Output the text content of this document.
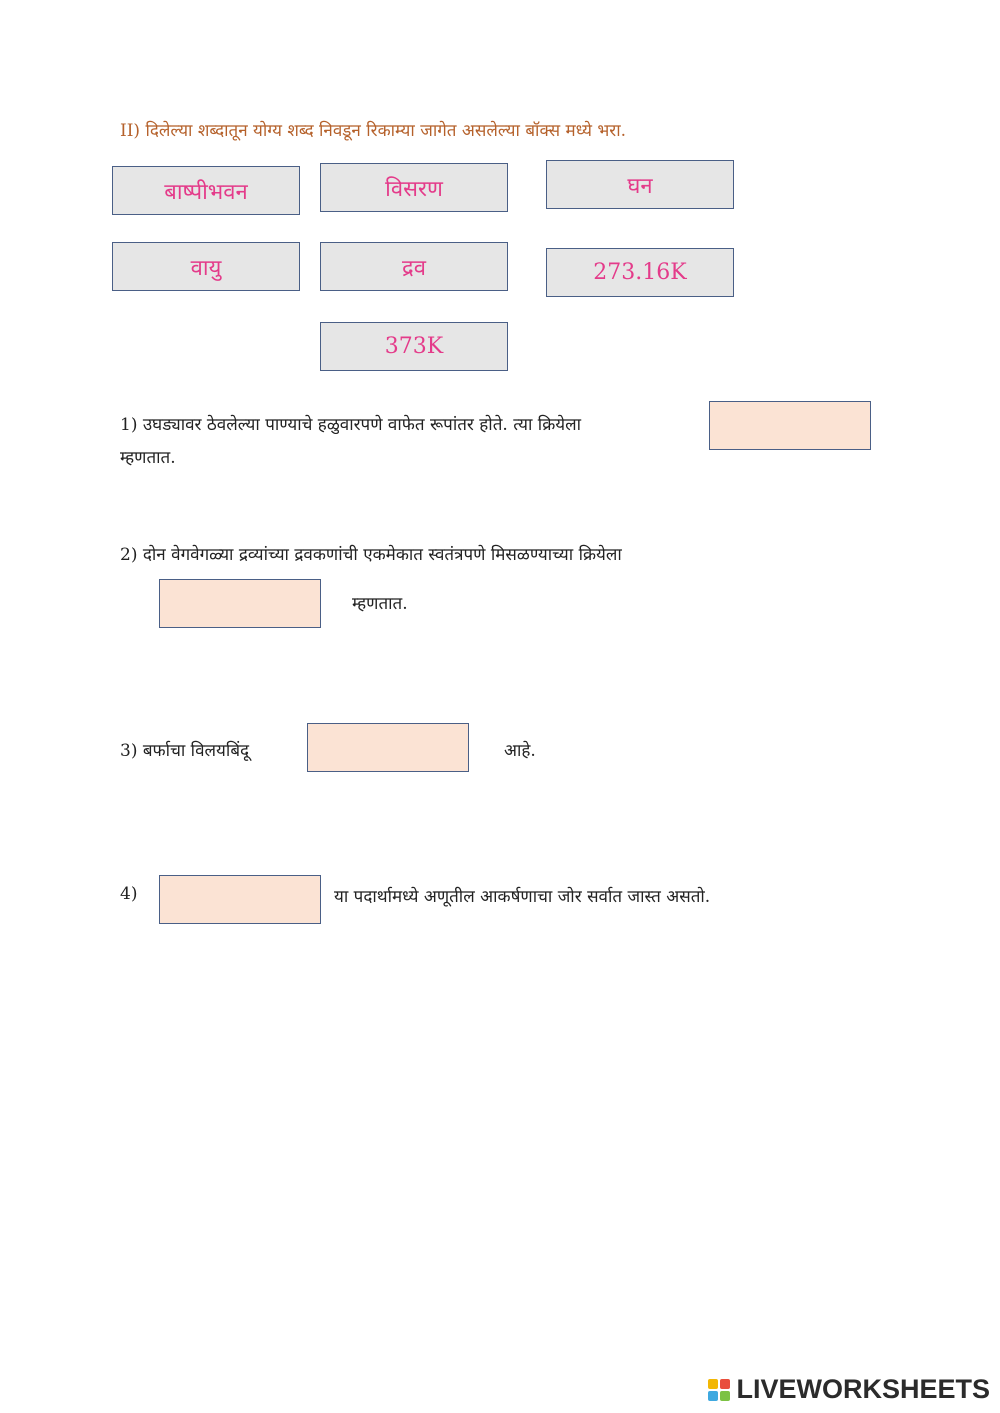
II) दिलेल्या शब्दातून योग्य शब्द निवडून रिकाम्या जागेत असलेल्या बॉक्स मध्ये भरा.
बाष्पीभवन	विसरण	घन
वायु	द्रव	273.16K
373K
1) उघड्यावर ठेवलेल्या पाण्याचे हळुवारपणे वाफेत रूपांतर होते. त्या क्रियेला
म्हणतात.
2) दोन वेगवेगळ्या द्रव्यांच्या द्रवकणांची एकमेकात स्वतंत्रपणे मिसळण्याच्या क्रियेला
म्हणतात.
3) बर्फाचा विलयबिंदू	आहे.
4)	या पदार्थामध्ये अणूतील आकर्षणाचा जोर सर्वात जास्त असतो.
LIVEWORKSHEETS
